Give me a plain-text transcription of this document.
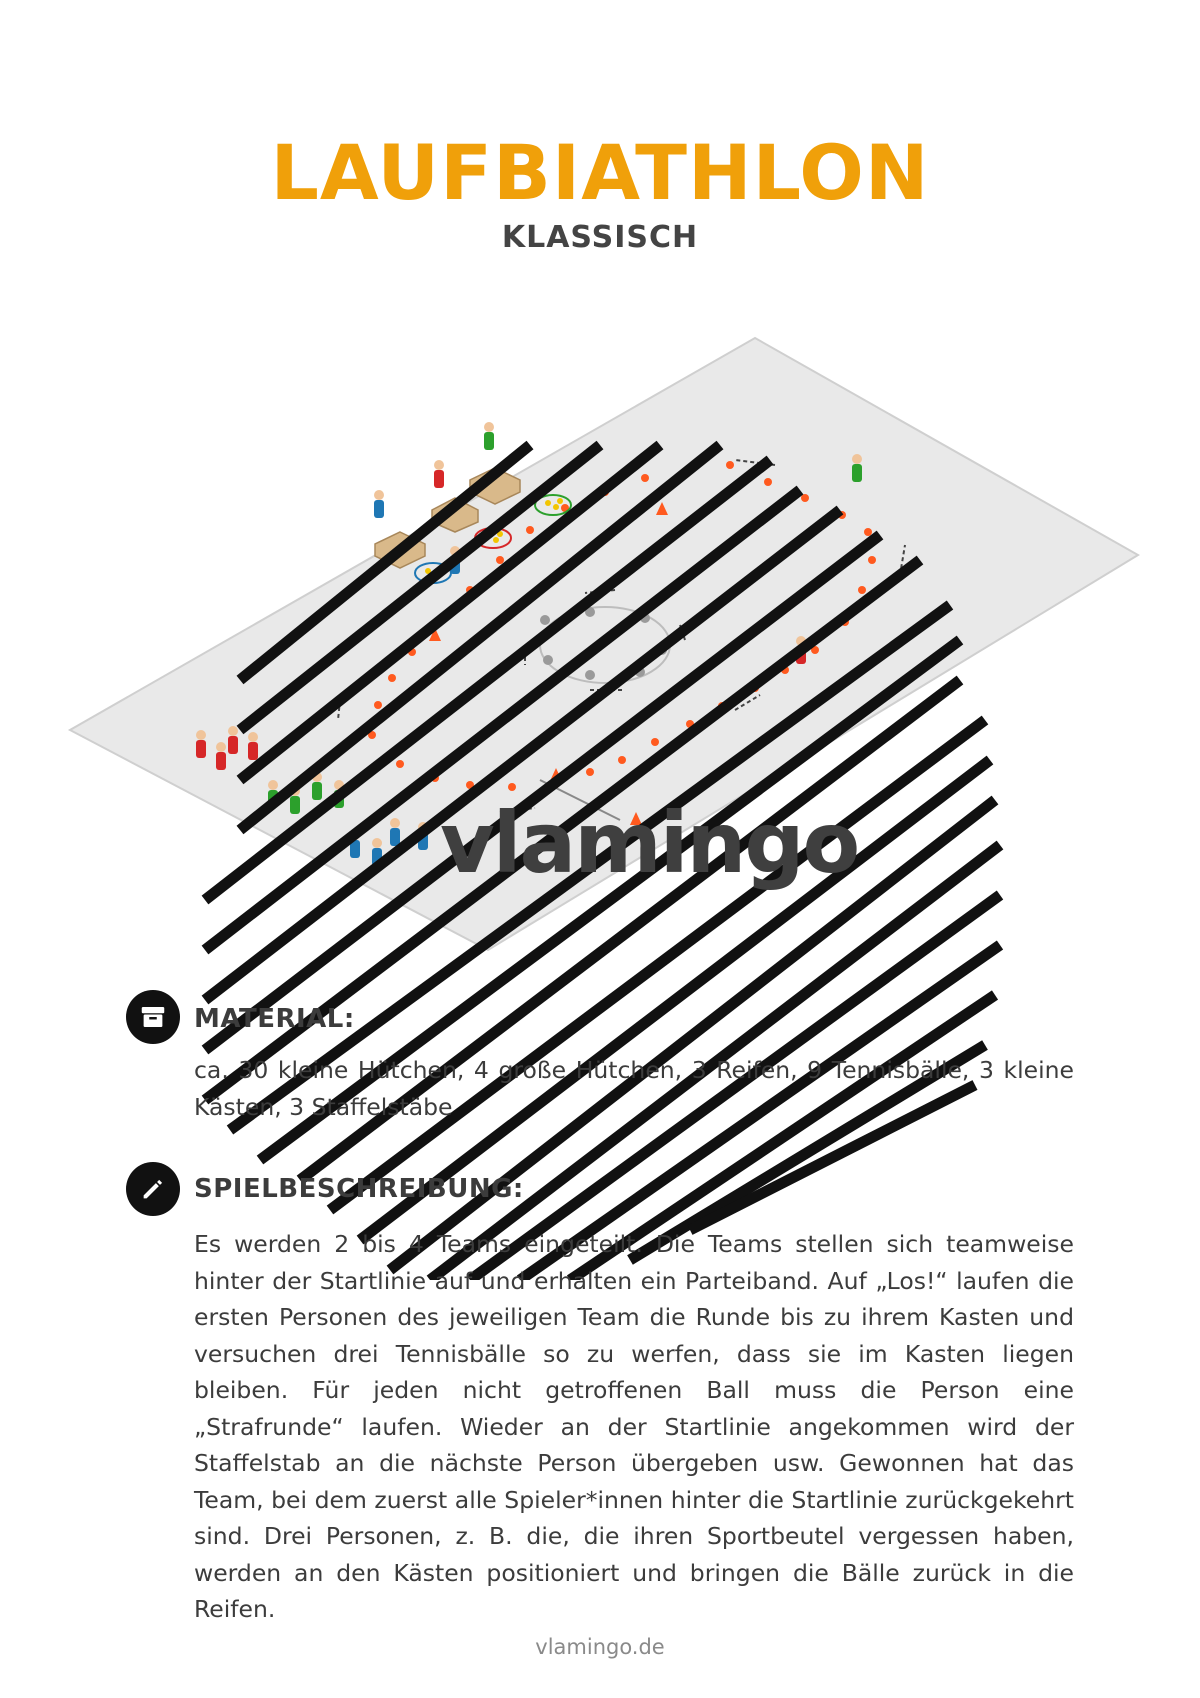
LAUFBIATHLON
KLASSISCH
vlamingo
MATERIAL:
ca. 30 kleine Hütchen, 4 große Hütchen, 3 Reifen, 9 Tennisbälle, 3 kleine Kästen, 3 Staffelstäbe
SPIELBESCHREIBUNG:
Es werden 2 bis 4 Teams eingeteilt. Die Teams stellen sich teamweise hinter der Startlinie auf und erhalten ein Parteiband. Auf „Los!“ laufen die ersten Personen des jeweiligen Team die Runde bis zu ihrem Kasten und versuchen drei Tennisbälle so zu werfen, dass sie im Kasten liegen bleiben. Für jeden nicht getroffenen Ball muss die Person eine „Strafrunde“ laufen. Wieder an der Startlinie angekommen wird der Staffelstab an die nächste Person übergeben usw. Gewonnen hat das Team, bei dem zuerst alle Spieler*innen hinter die Startlinie zurückgekehrt sind. Drei Personen, z. B. die, die ihren Sportbeutel vergessen haben, werden an den Kästen positioniert und bringen die Bälle zurück in die Reifen.
vlamingo.de
